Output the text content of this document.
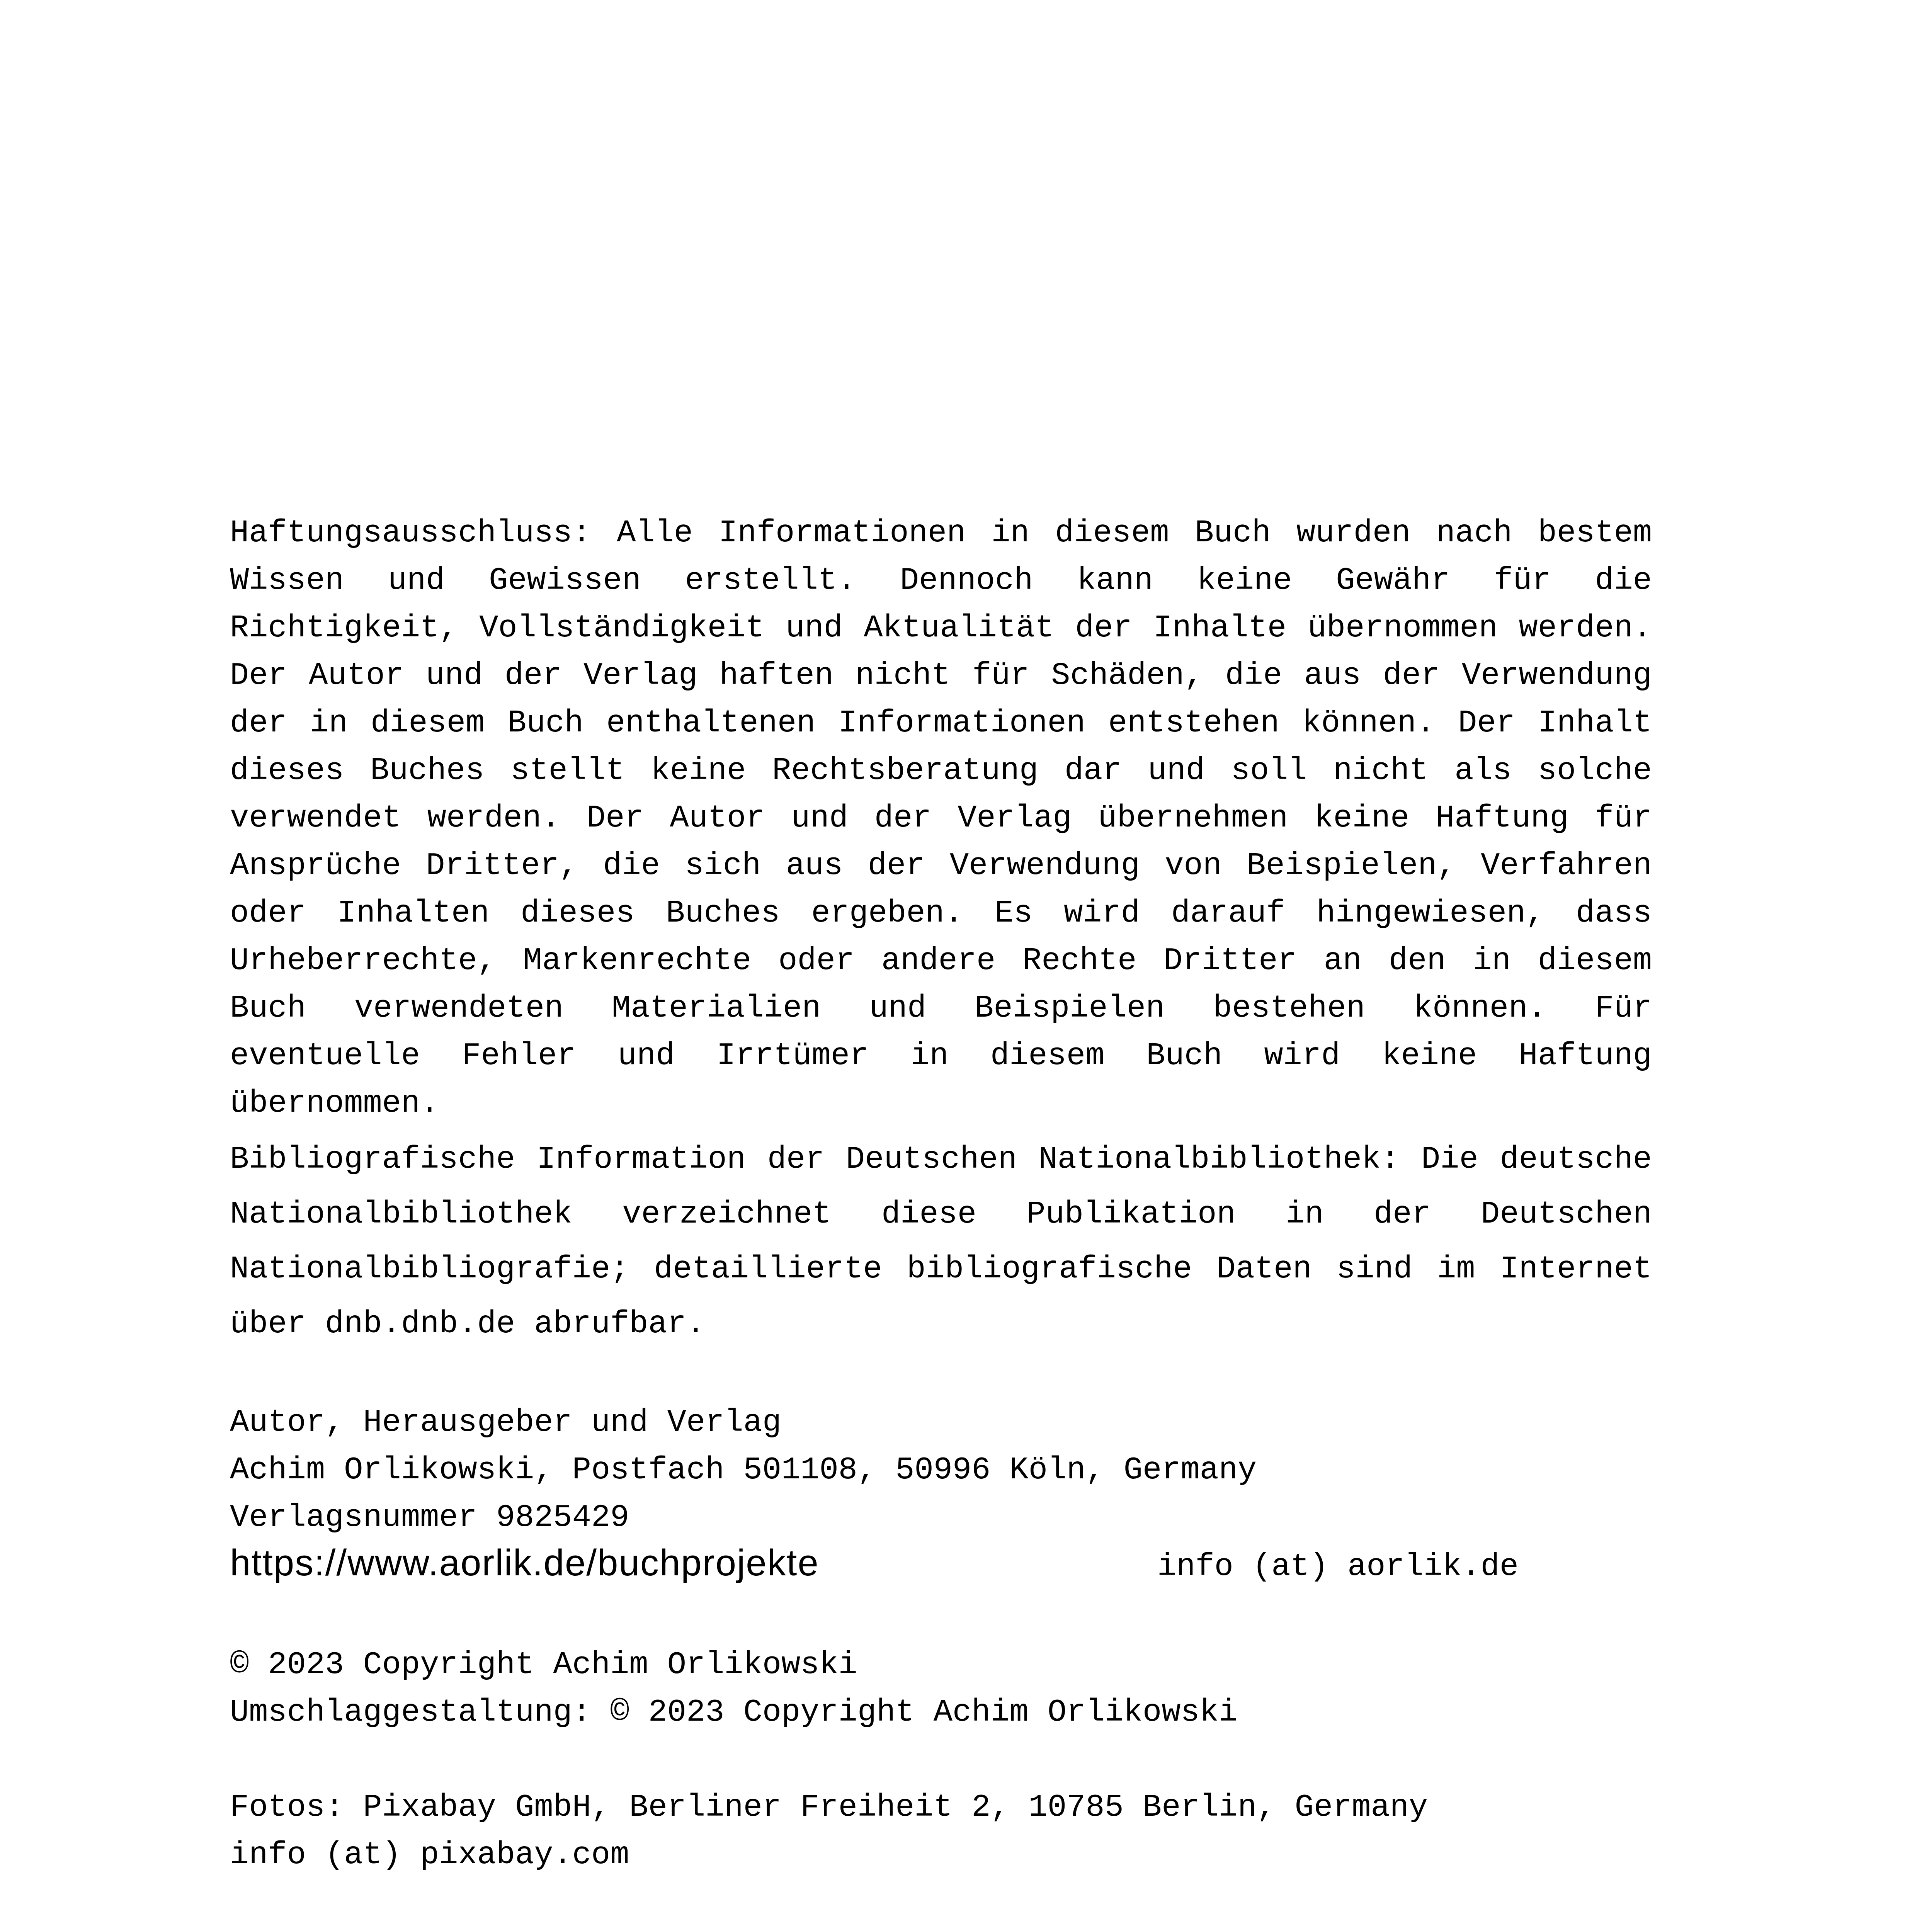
Haftungsausschluss: Alle Informationen in diesem Buch wurden nach bestem Wissen und Gewissen erstellt. Dennoch kann keine Gewähr für die Richtigkeit, Vollständigkeit und Aktualität der Inhalte übernommen werden. Der Autor und der Verlag haften nicht für Schäden, die aus der Verwendung der in diesem Buch enthaltenen Informationen entstehen können. Der Inhalt dieses Buches stellt keine Rechtsberatung dar und soll nicht als solche verwendet werden. Der Autor und der Verlag übernehmen keine Haftung für Ansprüche Dritter, die sich aus der Verwendung von Beispielen, Verfahren oder Inhalten dieses Buches ergeben. Es wird darauf hingewiesen, dass Urheberrechte, Markenrechte oder andere Rechte Dritter an den in diesem Buch verwendeten Materialien und Beispielen bestehen können. Für eventuelle Fehler und Irrtümer in diesem Buch wird keine Haftung übernommen.
Bibliografische Information der Deutschen Nationalbibliothek: Die deutsche Nationalbibliothek verzeichnet diese Publikation in der Deutschen Nationalbibliografie; detaillierte bibliografische Daten sind im Internet über dnb.dnb.de abrufbar.
Autor, Herausgeber und Verlag
Achim Orlikowski, Postfach 501108, 50996 Köln, Germany
Verlagsnummer 9825429
https://www.aorlik.de/buchprojekte	info (at) aorlik.de
© 2023 Copyright Achim Orlikowski
Umschlaggestaltung: © 2023 Copyright Achim Orlikowski
Fotos: Pixabay GmbH, Berliner Freiheit 2, 10785 Berlin, Germany
info (at) pixabay.com
